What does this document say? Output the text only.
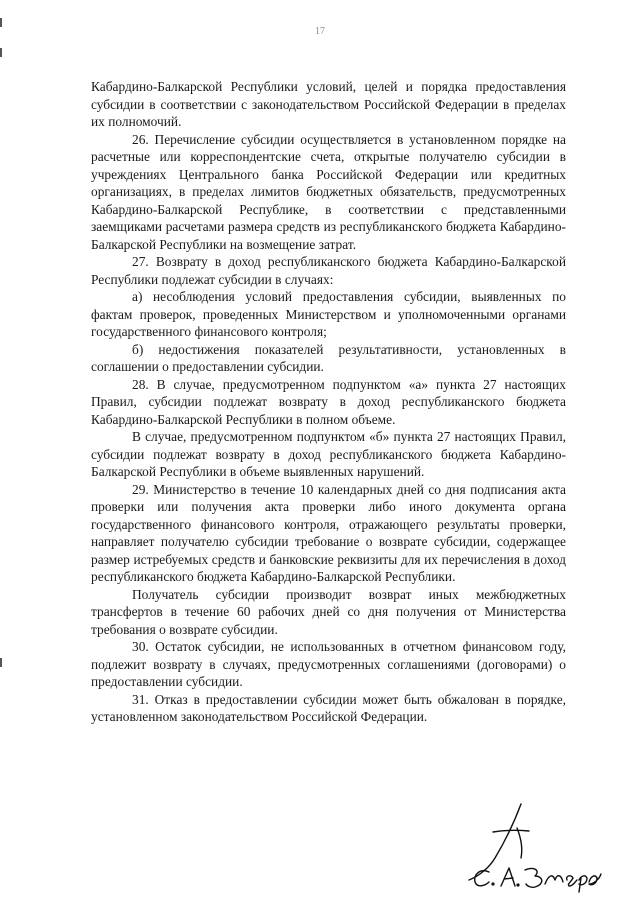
17

Кабардино-Балкарской Республики условий, целей и порядка предоставления субсидии в соответствии с законодательством Российской Федерации в пределах их полномочий.

26. Перечисление субсидии осуществляется в установленном порядке на расчетные или корреспондентские счета, открытые получателю субсидии в учреждениях Центрального банка Российской Федерации или кредитных организациях, в пределах лимитов бюджетных обязательств, предусмотренных Кабардино-Балкарской Республике, в соответствии с представленными заемщиками расчетами размера средств из республиканского бюджета Кабардино-Балкарской Республики на возмещение затрат.

27. Возврату в доход республиканского бюджета Кабардино-Балкарской Республики подлежат субсидии в случаях:

а) несоблюдения условий предоставления субсидии, выявленных по фактам проверок, проведенных Министерством и уполномоченными органами государственного финансового контроля;

б) недостижения показателей результативности, установленных в соглашении о предоставлении субсидии.

28. В случае, предусмотренном подпунктом «а» пункта 27 настоящих Правил, субсидии подлежат возврату в доход республиканского бюджета Кабардино-Балкарской Республики в полном объеме.

В случае, предусмотренном подпунктом «б» пункта 27 настоящих Правил, субсидии подлежат возврату в доход республиканского бюджета Кабардино-Балкарской Республики в объеме выявленных нарушений.

29. Министерство в течение 10 календарных дней со дня подписания акта проверки или получения акта проверки либо иного документа органа государственного финансового контроля, отражающего результаты проверки, направляет получателю субсидии требование о возврате субсидии, содержащее размер истребуемых средств и банковские реквизиты для их перечисления в доход республиканского бюджета Кабардино-Балкарской Республики.

Получатель субсидии производит возврат иных межбюджетных трансфертов в течение 60 рабочих дней со дня получения от Министерства требования о возврате субсидии.

30. Остаток субсидии, не использованных в отчетном финансовом году, подлежит возврату в случаях, предусмотренных соглашениями (договорами) о предоставлении субсидии.

31. Отказ в предоставлении субсидии может быть обжалован в порядке, установленном законодательством Российской Федерации.
